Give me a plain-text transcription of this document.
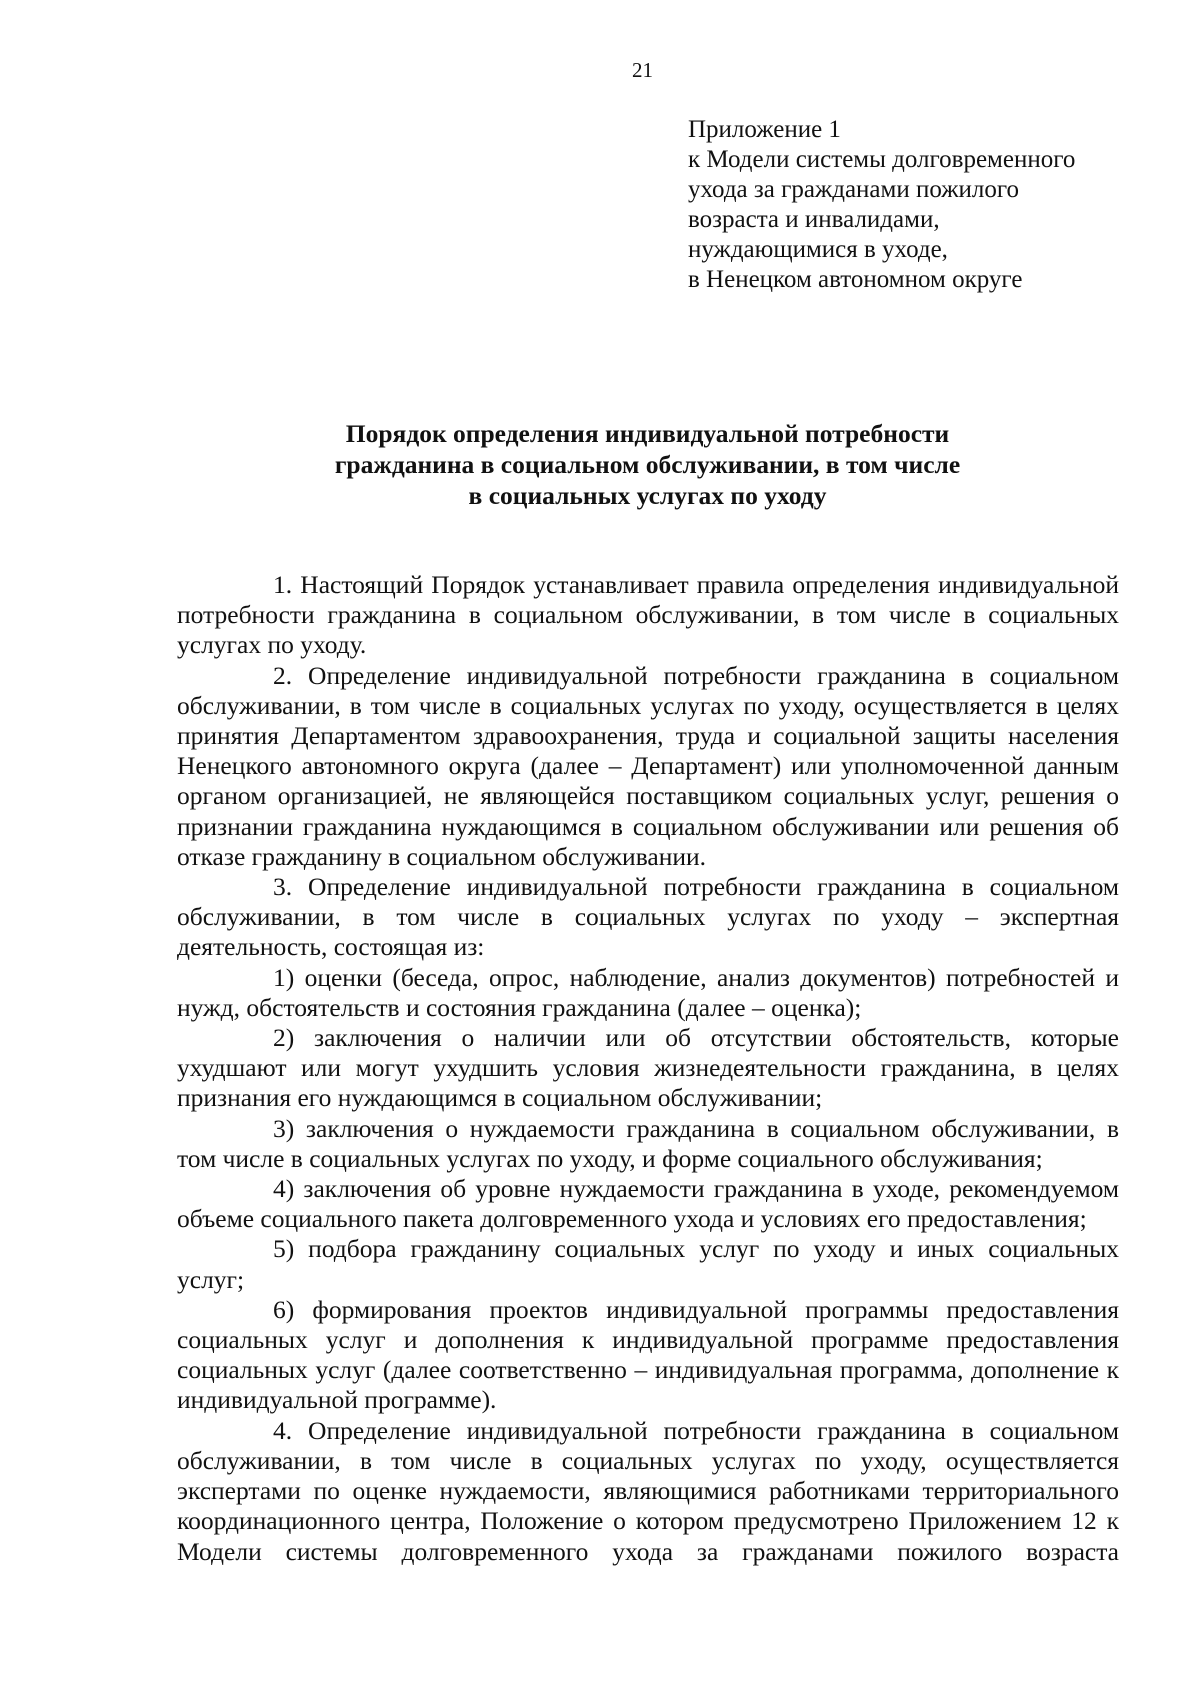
21
Приложение 1
к Модели системы долговременного
ухода за гражданами пожилого
возраста и инвалидами,
нуждающимися в уходе,
в Ненецком автономном округе
Порядок определения индивидуальной потребности
гражданина в социальном обслуживании, в том числе
в социальных услугах по уходу

1. Настоящий Порядок устанавливает правила определения индивидуальной потребности гражданина в социальном обслуживании, в том числе в социальных услугах по уходу.

2. Определение индивидуальной потребности гражданина в социальном обслуживании, в том числе в социальных услугах по уходу, осуществляется в целях принятия Департаментом здравоохранения, труда и социальной защиты населения Ненецкого автономного округа (далее – Департамент) или уполномоченной данным органом организацией, не являющейся поставщиком социальных услуг, решения о признании гражданина нуждающимся в социальном обслуживании или решения об отказе гражданину в социальном обслуживании.

3. Определение индивидуальной потребности гражданина в социальном обслуживании, в том числе в социальных услугах по уходу – экспертная деятельность, состоящая из:

1) оценки (беседа, опрос, наблюдение, анализ документов) потребностей и нужд, обстоятельств и состояния гражданина (далее – оценка);

2) заключения о наличии или об отсутствии обстоятельств, которые ухудшают или могут ухудшить условия жизнедеятельности гражданина, в целях признания его нуждающимся в социальном обслуживании;

3) заключения о нуждаемости гражданина в социальном обслуживании, в том числе в социальных услугах по уходу, и форме социального обслуживания;

4) заключения об уровне нуждаемости гражданина в уходе, рекомендуемом объеме социального пакета долговременного ухода и условиях его предоставления;

5) подбора гражданину социальных услуг по уходу и иных социальных услуг;

6) формирования проектов индивидуальной программы предоставления социальных услуг и дополнения к индивидуальной программе предоставления социальных услуг (далее соответственно – индивидуальная программа, дополнение к индивидуальной программе).

4. Определение индивидуальной потребности гражданина в социальном обслуживании, в том числе в социальных услугах по уходу, осуществляется экспертами по оценке нуждаемости, являющимися работниками территориального координационного центра, Положение о котором предусмотрено Приложением 12 к Модели системы долговременного ухода за гражданами пожилого возраста
